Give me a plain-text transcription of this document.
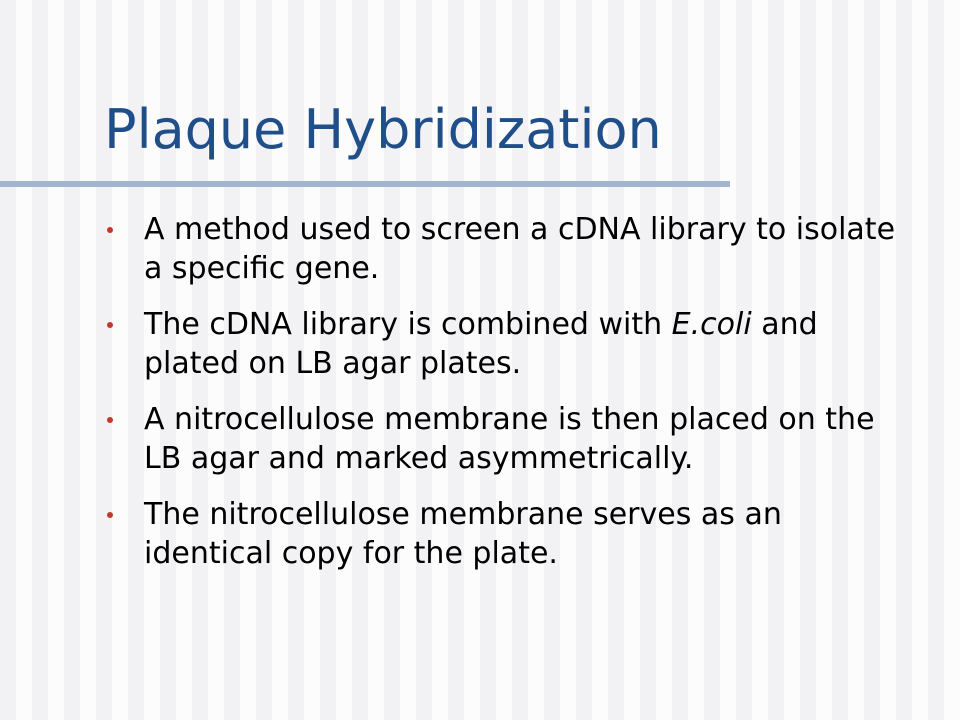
Plaque Hybridization
A method used to screen a cDNA library to isolate a specific gene.
The cDNA library is combined with E.coli and plated on LB agar plates.
A nitrocellulose membrane is then placed on the LB agar and marked asymmetrically.
The nitrocellulose membrane serves as an identical copy for the plate.
